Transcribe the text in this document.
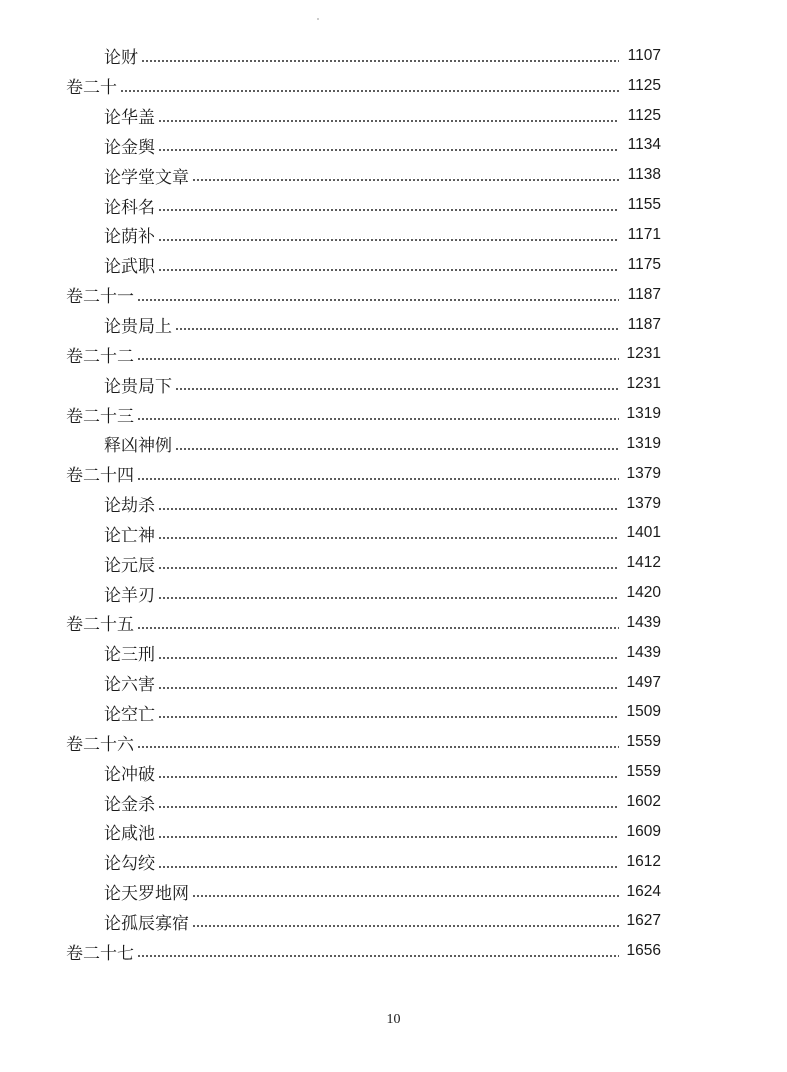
论财	1107
卷二十	1125
论华盖	1125
论金舆	1134
论学堂文章	1138
论科名	1155
论荫补	1171
论武职	1175
卷二十一	1187
论贵局上	1187
卷二十二	1231
论贵局下	1231
卷二十三	1319
释凶神例	1319
卷二十四	1379
论劫杀	1379
论亡神	1401
论元辰	1412
论羊刃	1420
卷二十五	1439
论三刑	1439
论六害	1497
论空亡	1509
卷二十六	1559
论冲破	1559
论金杀	1602
论咸池	1609
论勾绞	1612
论天罗地网	1624
论孤辰寡宿	1627
卷二十七	1656
10
